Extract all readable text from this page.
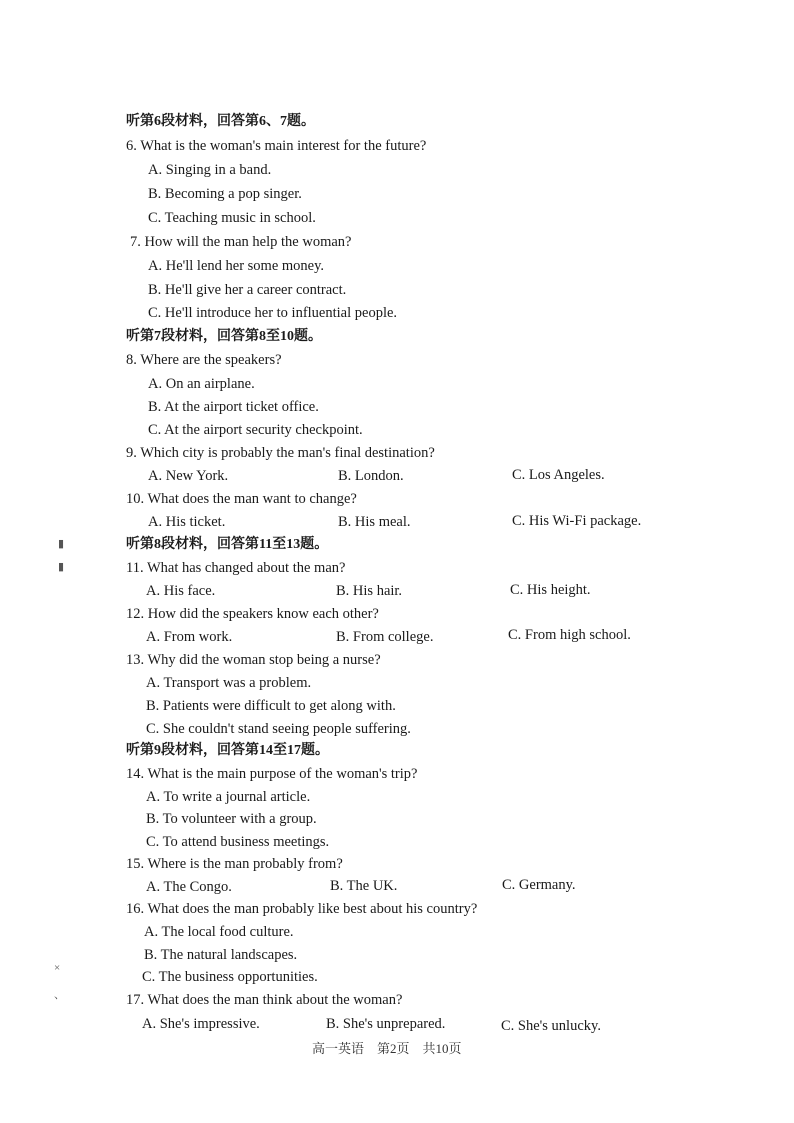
听第6段材料，回答第6、7题。
6. What is the woman's main interest for the future?
A. Singing in a band.
B. Becoming a pop singer.
C. Teaching music in school.
7. How will the man help the woman?
A. He'll lend her some money.
B. He'll give her a career contract.
C. He'll introduce her to influential people.
听第7段材料，回答第8至10题。
8. Where are the speakers?
A. On an airplane.
B. At the airport ticket office.
C. At the airport security checkpoint.
9. Which city is probably the man's final destination?
A. New York.	B. London.	C. Los Angeles.
10. What does the man want to change?
A. His ticket.	B. His meal.	C. His Wi-Fi package.
听第8段材料，回答第11至13题。
11. What has changed about the man?
A. His face.	B. His hair.	C. His height.
12. How did the speakers know each other?
A. From work.	B. From college.	C. From high school.
13. Why did the woman stop being a nurse?
A. Transport was a problem.
B. Patients were difficult to get along with.
C. She couldn't stand seeing people suffering.
听第9段材料，回答第14至17题。
14. What is the main purpose of the woman's trip?
A. To write a journal article.
B. To volunteer with a group.
C. To attend business meetings.
15. Where is the man probably from?
A. The Congo.	B. The UK.	C. Germany.
16. What does the man probably like best about his country?
A. The local food culture.
B. The natural landscapes.
C. The business opportunities.
17. What does the man think about the woman?
A. She's impressive.	B. She's unprepared.	C. She's unlucky.
▮
▮
×
、
高一英语　第2页　共10页
